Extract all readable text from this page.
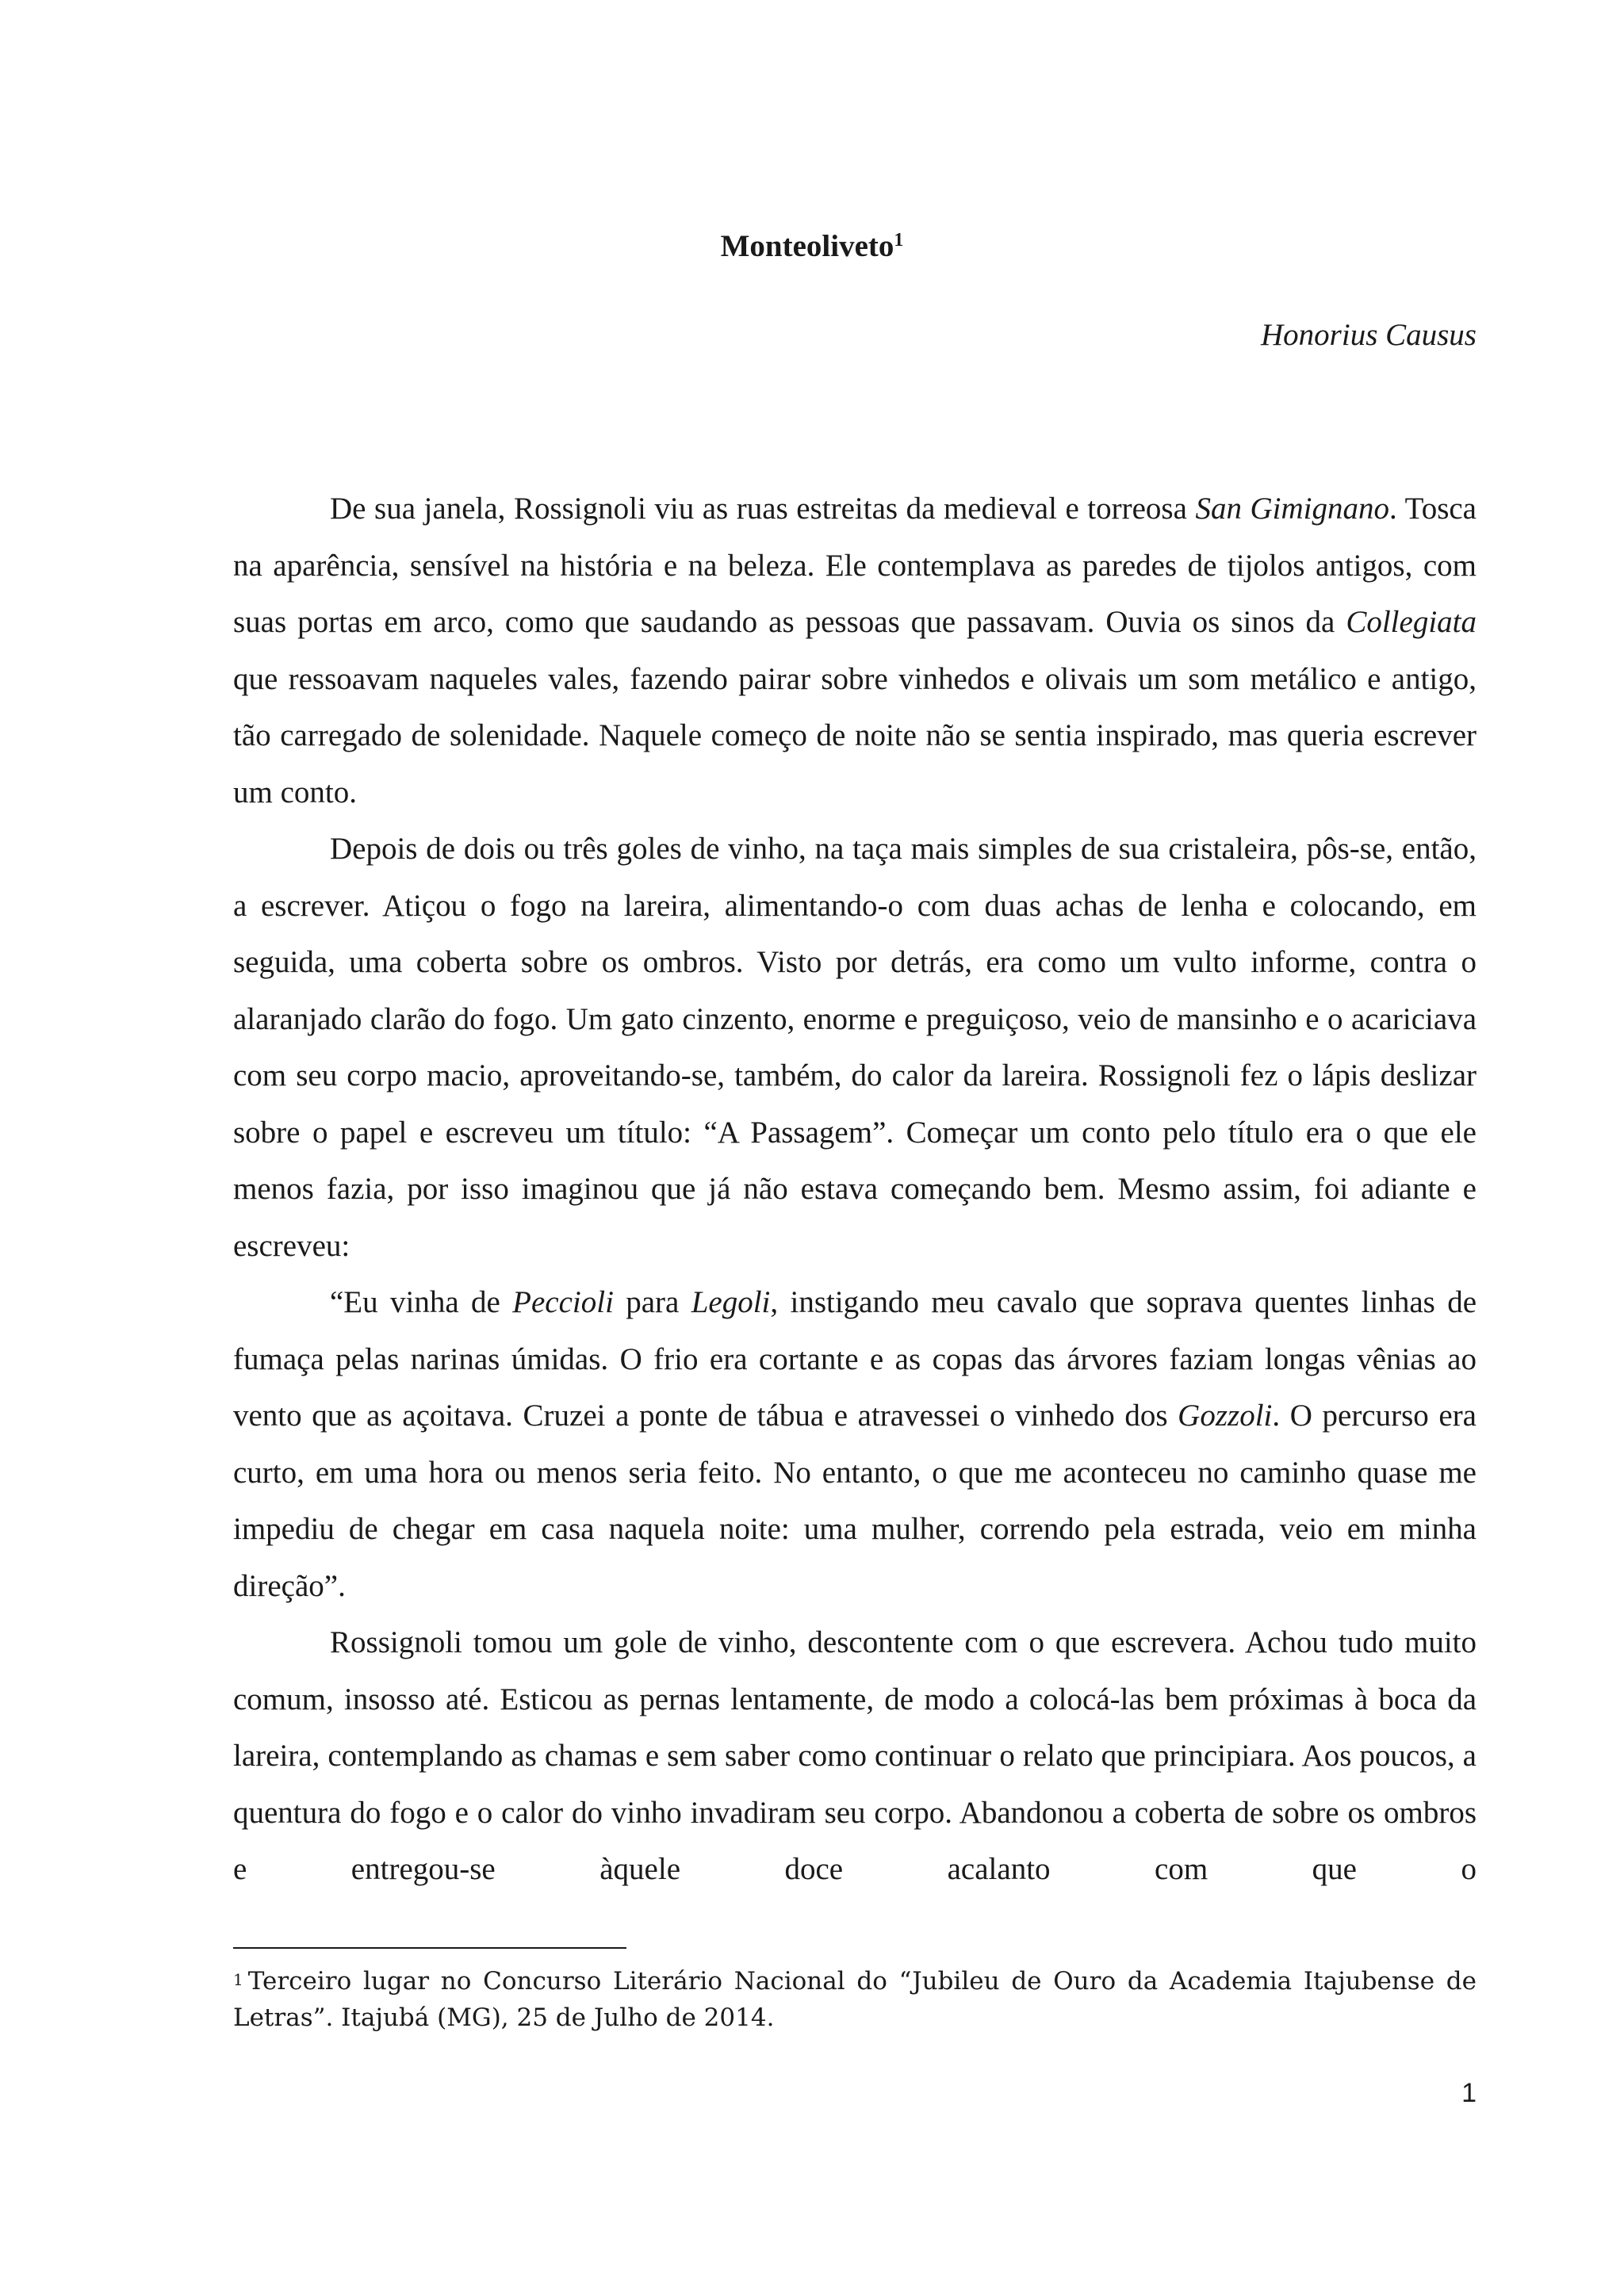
Monteoliveto$^1$
Honorius Causus

De sua janela, Rossignoli viu as ruas estreitas da medieval e torreosa San Gimignano. Tosca na aparência, sensível na história e na beleza. Ele contemplava as paredes de tijolos antigos, com suas portas em arco, como que saudando as pessoas que passavam. Ouvia os sinos da Collegiata que ressoavam naqueles vales, fazendo pairar sobre vinhedos e olivais um som metálico e antigo, tão carregado de solenidade. Naquele começo de noite não se sentia inspirado, mas queria escrever um conto.

Depois de dois ou três goles de vinho, na taça mais simples de sua cristaleira, pôs-se, então, a escrever. Atiçou o fogo na lareira, alimentando-o com duas achas de lenha e colocando, em seguida, uma coberta sobre os ombros. Visto por detrás, era como um vulto informe, contra o alaranjado clarão do fogo. Um gato cinzento, enorme e preguiçoso, veio de mansinho e o acariciava com seu corpo macio, aproveitando-se, também, do calor da lareira. Rossignoli fez o lápis deslizar sobre o papel e escreveu um título: “A Passagem”. Começar um conto pelo título era o que ele menos fazia, por isso imaginou que já não estava começando bem. Mesmo assim, foi adiante e escreveu:

“Eu vinha de Peccioli para Legoli, instigando meu cavalo que soprava quentes linhas de fumaça pelas narinas úmidas. O frio era cortante e as copas das árvores faziam longas vênias ao vento que as açoitava. Cruzei a ponte de tábua e atravessei o vinhedo dos Gozzoli. O percurso era curto, em uma hora ou menos seria feito. No entanto, o que me aconteceu no caminho quase me impediu de chegar em casa naquela noite: uma mulher, correndo pela estrada, veio em minha direção”.

Rossignoli tomou um gole de vinho, descontente com o que escrevera. Achou tudo muito comum, insosso até. Esticou as pernas lentamente, de modo a colocá-las bem próximas à boca da lareira, contemplando as chamas e sem saber como continuar o relato que principiara. Aos poucos, a quentura do fogo e o calor do vinho invadiram seu corpo. Abandonou a coberta de sobre os ombros e entregou-se àquele doce acalanto com que o

$^1$ Terceiro lugar no Concurso Literário Nacional do “Jubileu de Ouro da Academia Itajubense de Letras”. Itajubá (MG), 25 de Julho de 2014.
1
